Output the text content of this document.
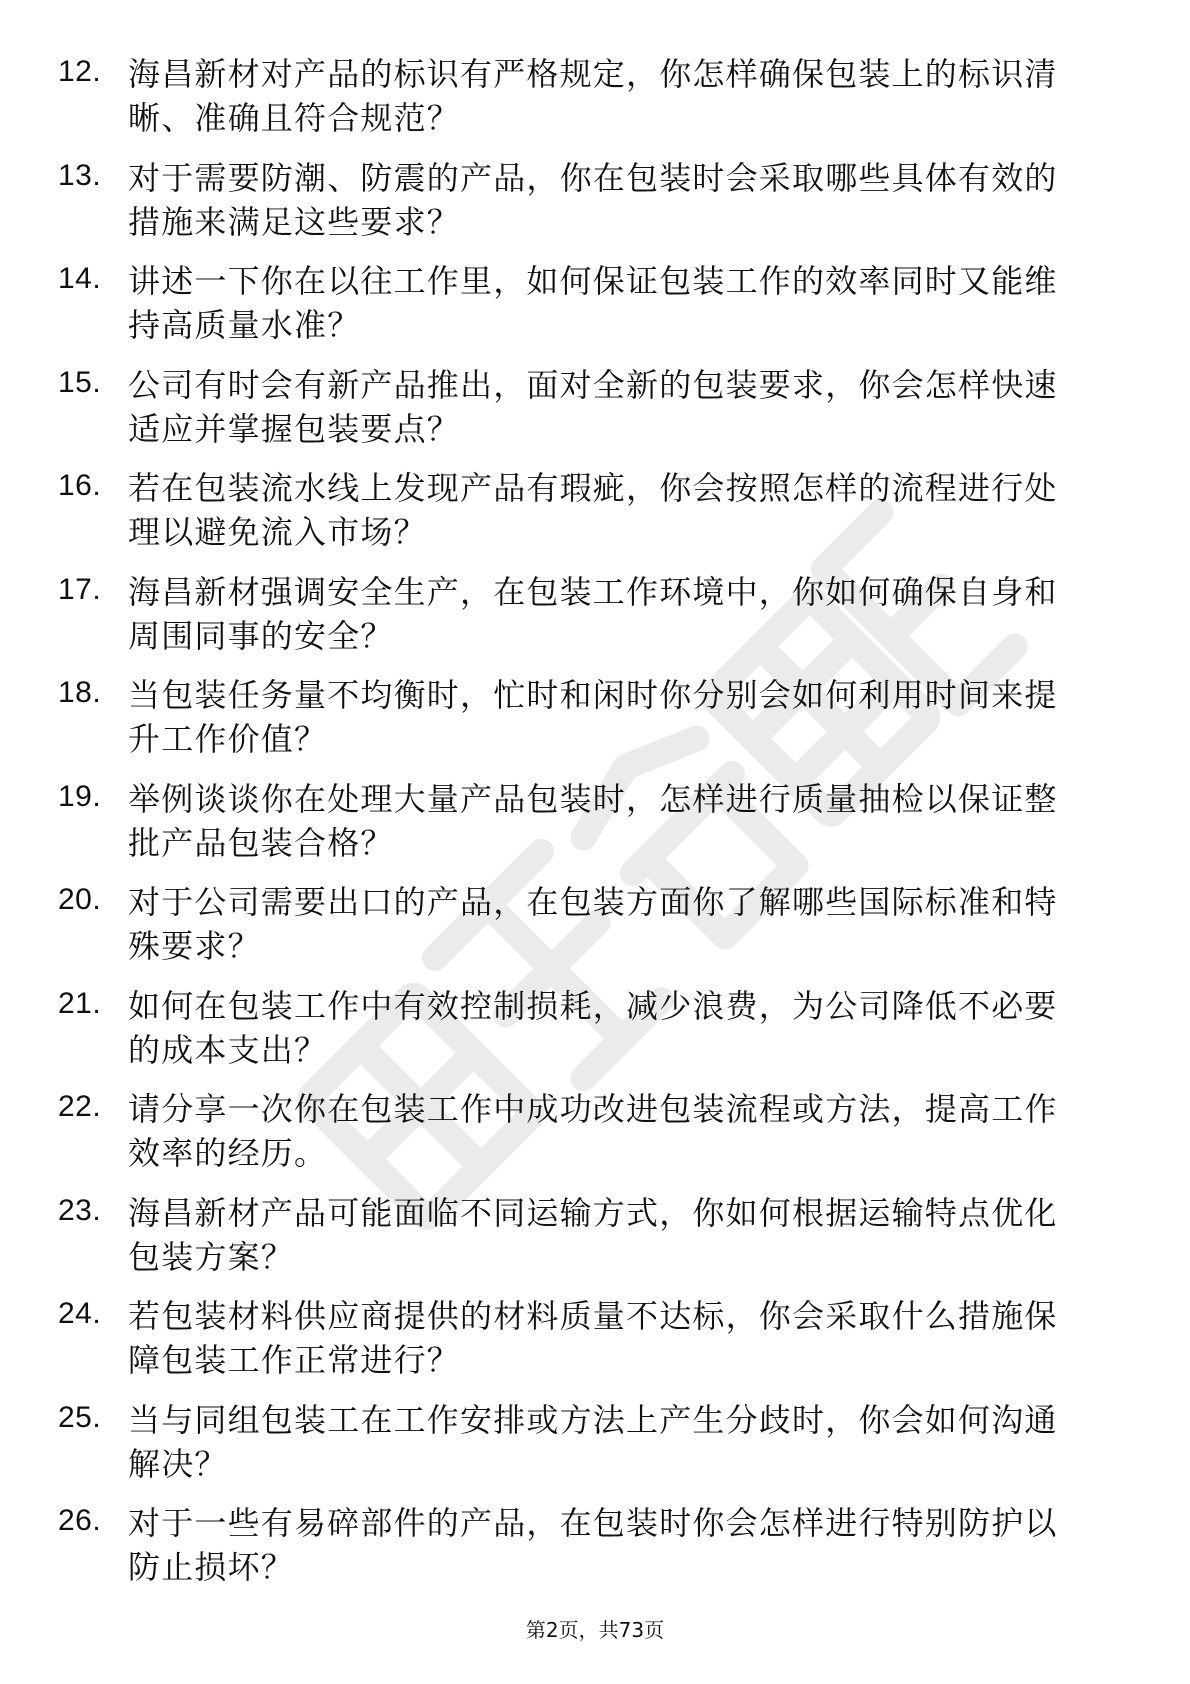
12. 海昌新材对产品的标识有严格规定，你怎样确保包装上的标识清
晰、准确且符合规范？
13. 对于需要防潮、防震的产品，你在包装时会采取哪些具体有效的
措施来满足这些要求？
14. 讲述一下你在以往工作里，如何保证包装工作的效率同时又能维
持高质量水准？
15. 公司有时会有新产品推出，面对全新的包装要求，你会怎样快速
适应并掌握包装要点？
16. 若在包装流水线上发现产品有瑕疵，你会按照怎样的流程进行处
理以避免流入市场？
17. 海昌新材强调安全生产，在包装工作环境中，你如何确保自身和
周围同事的安全？
18. 当包装任务量不均衡时，忙时和闲时你分别会如何利用时间来提
升工作价值？
19. 举例谈谈你在处理大量产品包装时，怎样进行质量抽检以保证整
批产品包装合格？
20. 对于公司需要出口的产品，在包装方面你了解哪些国际标准和特
殊要求？
21. 如何在包装工作中有效控制损耗，减少浪费，为公司降低不必要
的成本支出？
22. 请分享一次你在包装工作中成功改进包装流程或方法，提高工作
效率的经历。
23. 海昌新材产品可能面临不同运输方式，你如何根据运输特点优化
包装方案？
24. 若包装材料供应商提供的材料质量不达标，你会采取什么措施保
障包装工作正常进行？
25. 当与同组包装工在工作安排或方法上产生分歧时，你会如何沟通
解决？
26. 对于一些有易碎部件的产品，在包装时你会怎样进行特别防护以
防止损坏？
第2页，共73页
